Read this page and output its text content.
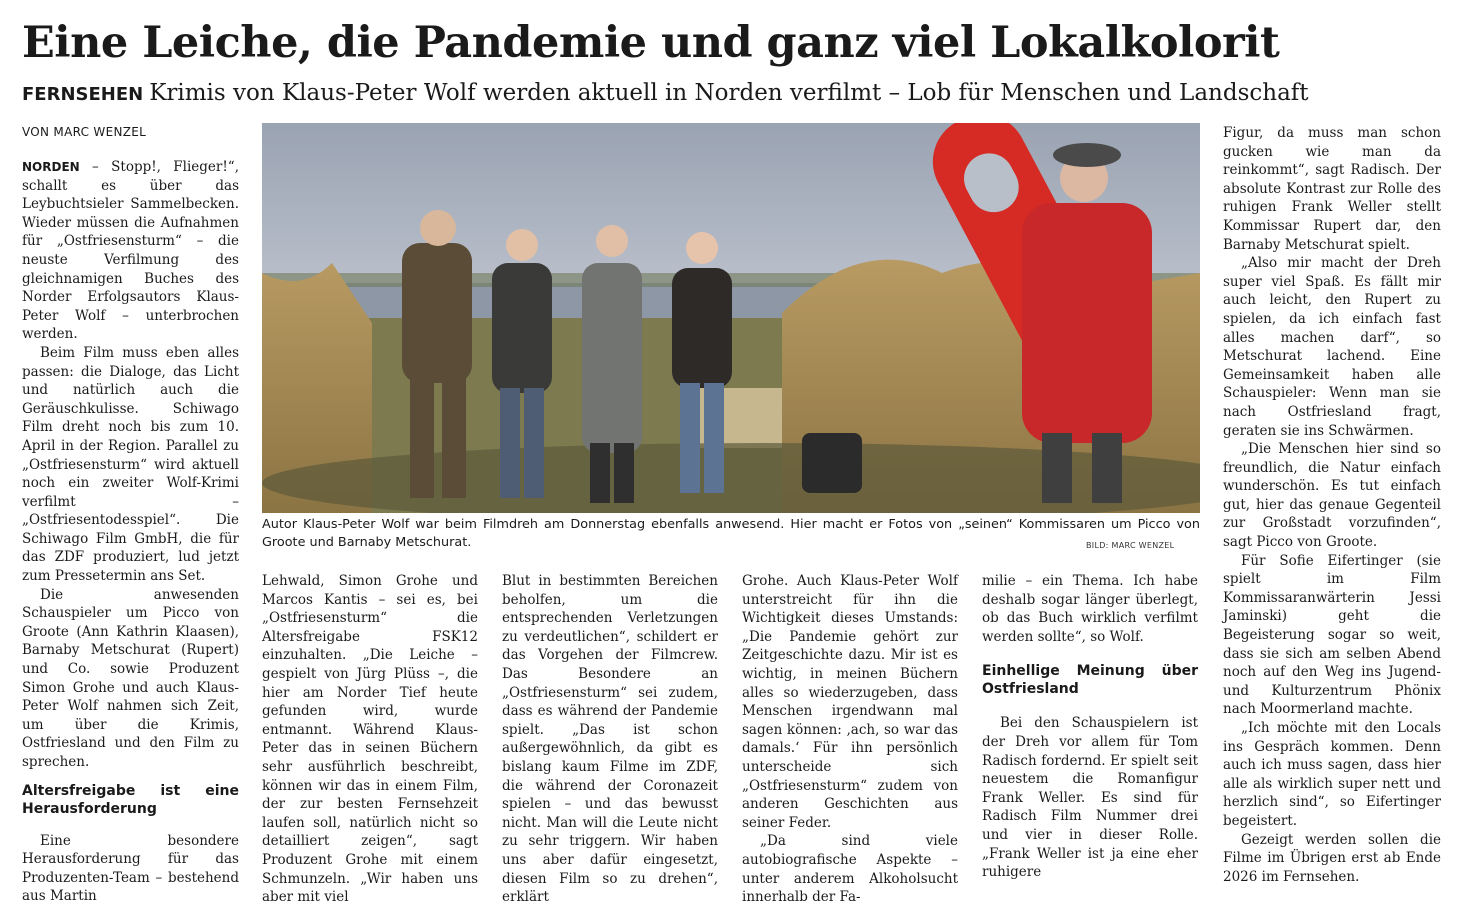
Eine Leiche, die Pandemie und ganz viel Lokalkolorit
FERNSEHEN Krimis von Klaus-Peter Wolf werden aktuell in Norden verfilmt – Lob für Menschen und Landschaft
VON MARC WENZEL

NORDEN – Stopp!, Flieger!“, schallt es über das Leybuchtsieler Sammelbecken. Wieder müssen die Aufnahmen für „Ostfriesensturm“ – die neuste Verfilmung des gleichnamigen Buches des Norder Erfolgsautors Klaus-Peter Wolf – unterbrochen werden.

Beim Film muss eben alles passen: die Dialoge, das Licht und natürlich auch die Geräuschkulisse. Schiwago Film dreht noch bis zum 10. April in der Region. Parallel zu „Ostfriesensturm“ wird aktuell noch ein zweiter Wolf-Krimi verfilmt – „Ostfriesentodesspiel“. Die Schiwago Film GmbH, die für das ZDF produziert, lud jetzt zum Pressetermin ans Set.

Die anwesenden Schauspieler um Picco von Groote (Ann Kathrin Klaasen), Barnaby Metschurat (Rupert) und Co. sowie Produzent Simon Grohe und auch Klaus-Peter Wolf nahmen sich Zeit, um über die Krimis, Ostfriesland und den Film zu sprechen.

Altersfreigabe ist eine Herausforderung

Eine besondere Herausforderung für das Produzenten-Team – bestehend aus Martin

Autor Klaus-Peter Wolf war beim Filmdreh am Donnerstag ebenfalls anwesend. Hier macht er Fotos von „seinen“ Kommissaren um Picco von Groote und Barnaby Metschurat.	BILD: MARC WENZEL

Lehwald, Simon Grohe und Marcos Kantis – sei es, bei „Ostfriesensturm“ die Altersfreigabe FSK12 einzuhalten. „Die Leiche – gespielt von Jürg Plüss –, die hier am Norder Tief heute gefunden wird, wurde entmannt. Während Klaus-Peter das in seinen Büchern sehr ausführlich beschreibt, können wir das in einem Film, der zur besten Fernsehzeit laufen soll, natürlich nicht so detailliert zeigen“, sagt Produzent Grohe mit einem Schmunzeln. „Wir haben uns aber mit viel

Blut in bestimmten Bereichen beholfen, um die entsprechenden Verletzungen zu verdeutlichen“, schildert er das Vorgehen der Filmcrew. Das Besondere an „Ostfriesensturm“ sei zudem, dass es während der Pandemie spielt. „Das ist schon außergewöhnlich, da gibt es bislang kaum Filme im ZDF, die während der Coronazeit spielen – und das bewusst nicht. Man will die Leute nicht zu sehr triggern. Wir haben uns aber dafür eingesetzt, diesen Film so zu drehen“, erklärt

Grohe. Auch Klaus-Peter Wolf unterstreicht für ihn die Wichtigkeit dieses Umstands: „Die Pandemie gehört zur Zeitgeschichte dazu. Mir ist es wichtig, in meinen Büchern alles so wiederzugeben, dass Menschen irgendwann mal sagen können: ‚ach, so war das damals.‘ Für ihn persönlich unterscheide sich „Ostfriesensturm“ zudem von anderen Geschichten aus seiner Feder.

„Da sind viele autobiografische Aspekte – unter anderem Alkoholsucht innerhalb der Fa-

milie – ein Thema. Ich habe deshalb sogar länger überlegt, ob das Buch wirklich verfilmt werden sollte“, so Wolf.

Einhellige Meinung über Ostfriesland

Bei den Schauspielern ist der Dreh vor allem für Tom Radisch fordernd. Er spielt seit neuestem die Romanfigur Frank Weller. Es sind für Radisch Film Nummer drei und vier in dieser Rolle. „Frank Weller ist ja eine eher ruhigere

Figur, da muss man schon gucken wie man da reinkommt“, sagt Radisch. Der absolute Kontrast zur Rolle des ruhigen Frank Weller stellt Kommissar Rupert dar, den Barnaby Metschurat spielt.

„Also mir macht der Dreh super viel Spaß. Es fällt mir auch leicht, den Rupert zu spielen, da ich einfach fast alles machen darf“, so Metschurat lachend. Eine Gemeinsamkeit haben alle Schauspieler: Wenn man sie nach Ostfriesland fragt, geraten sie ins Schwärmen.

„Die Menschen hier sind so freundlich, die Natur einfach wunderschön. Es tut einfach gut, hier das genaue Gegenteil zur Großstadt vorzufinden“, sagt Picco von Groote.

Für Sofie Eifertinger (sie spielt im Film Kommissaranwärterin Jessi Jaminski) geht die Begeisterung sogar so weit, dass sie sich am selben Abend noch auf den Weg ins Jugend- und Kulturzentrum Phönix nach Moormerland machte.

„Ich möchte mit den Locals ins Gespräch kommen. Denn auch ich muss sagen, dass hier alle als wirklich super nett und herzlich sind“, so Eifertinger begeistert.

Gezeigt werden sollen die Filme im Übrigen erst ab Ende 2026 im Fernsehen.
